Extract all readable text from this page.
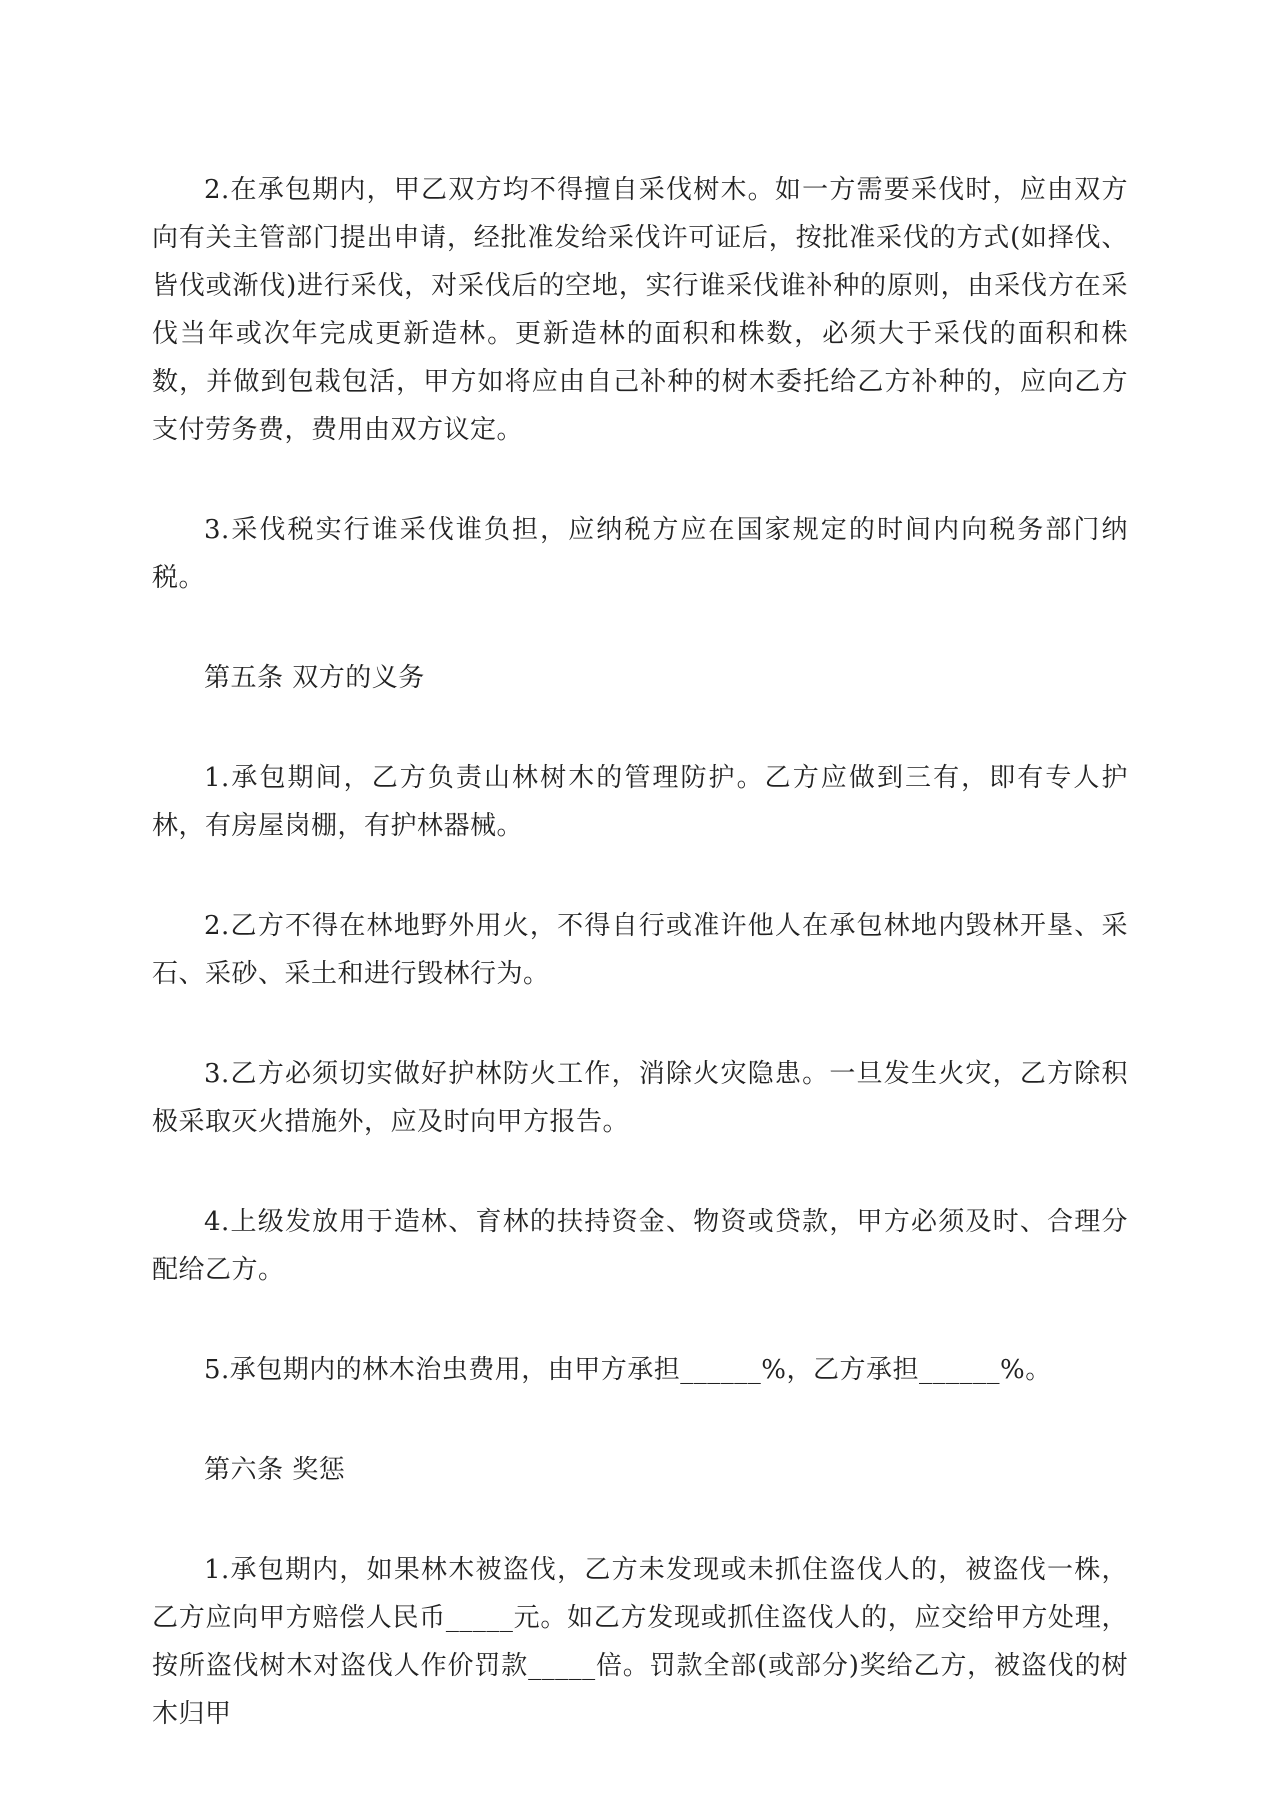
2.在承包期内，甲乙双方均不得擅自采伐树木。如一方需要采伐时，应由双方向有关主管部门提出申请，经批准发给采伐许可证后，按批准采伐的方式(如择伐、皆伐或渐伐)进行采伐，对采伐后的空地，实行谁采伐谁补种的原则，由采伐方在采伐当年或次年完成更新造林。更新造林的面积和株数，必须大于采伐的面积和株数，并做到包栽包活，甲方如将应由自己补种的树木委托给乙方补种的，应向乙方支付劳务费，费用由双方议定。

3.采伐税实行谁采伐谁负担，应纳税方应在国家规定的时间内向税务部门纳税。

第五条 双方的义务

1.承包期间，乙方负责山林树木的管理防护。乙方应做到三有，即有专人护林，有房屋岗棚，有护林器械。

2.乙方不得在林地野外用火，不得自行或准许他人在承包林地内毁林开垦、采石、采砂、采土和进行毁林行为。

3.乙方必须切实做好护林防火工作，消除火灾隐患。一旦发生火灾，乙方除积极采取灭火措施外，应及时向甲方报告。

4.上级发放用于造林、育林的扶持资金、物资或贷款，甲方必须及时、合理分配给乙方。

5.承包期内的林木治虫费用，由甲方承担______%，乙方承担______%。

第六条 奖惩

1.承包期内，如果林木被盗伐，乙方未发现或未抓住盗伐人的，被盗伐一株，乙方应向甲方赔偿人民币_____元。如乙方发现或抓住盗伐人的，应交给甲方处理，按所盗伐树木对盗伐人作价罚款_____倍。罚款全部(或部分)奖给乙方，被盗伐的树木归甲
